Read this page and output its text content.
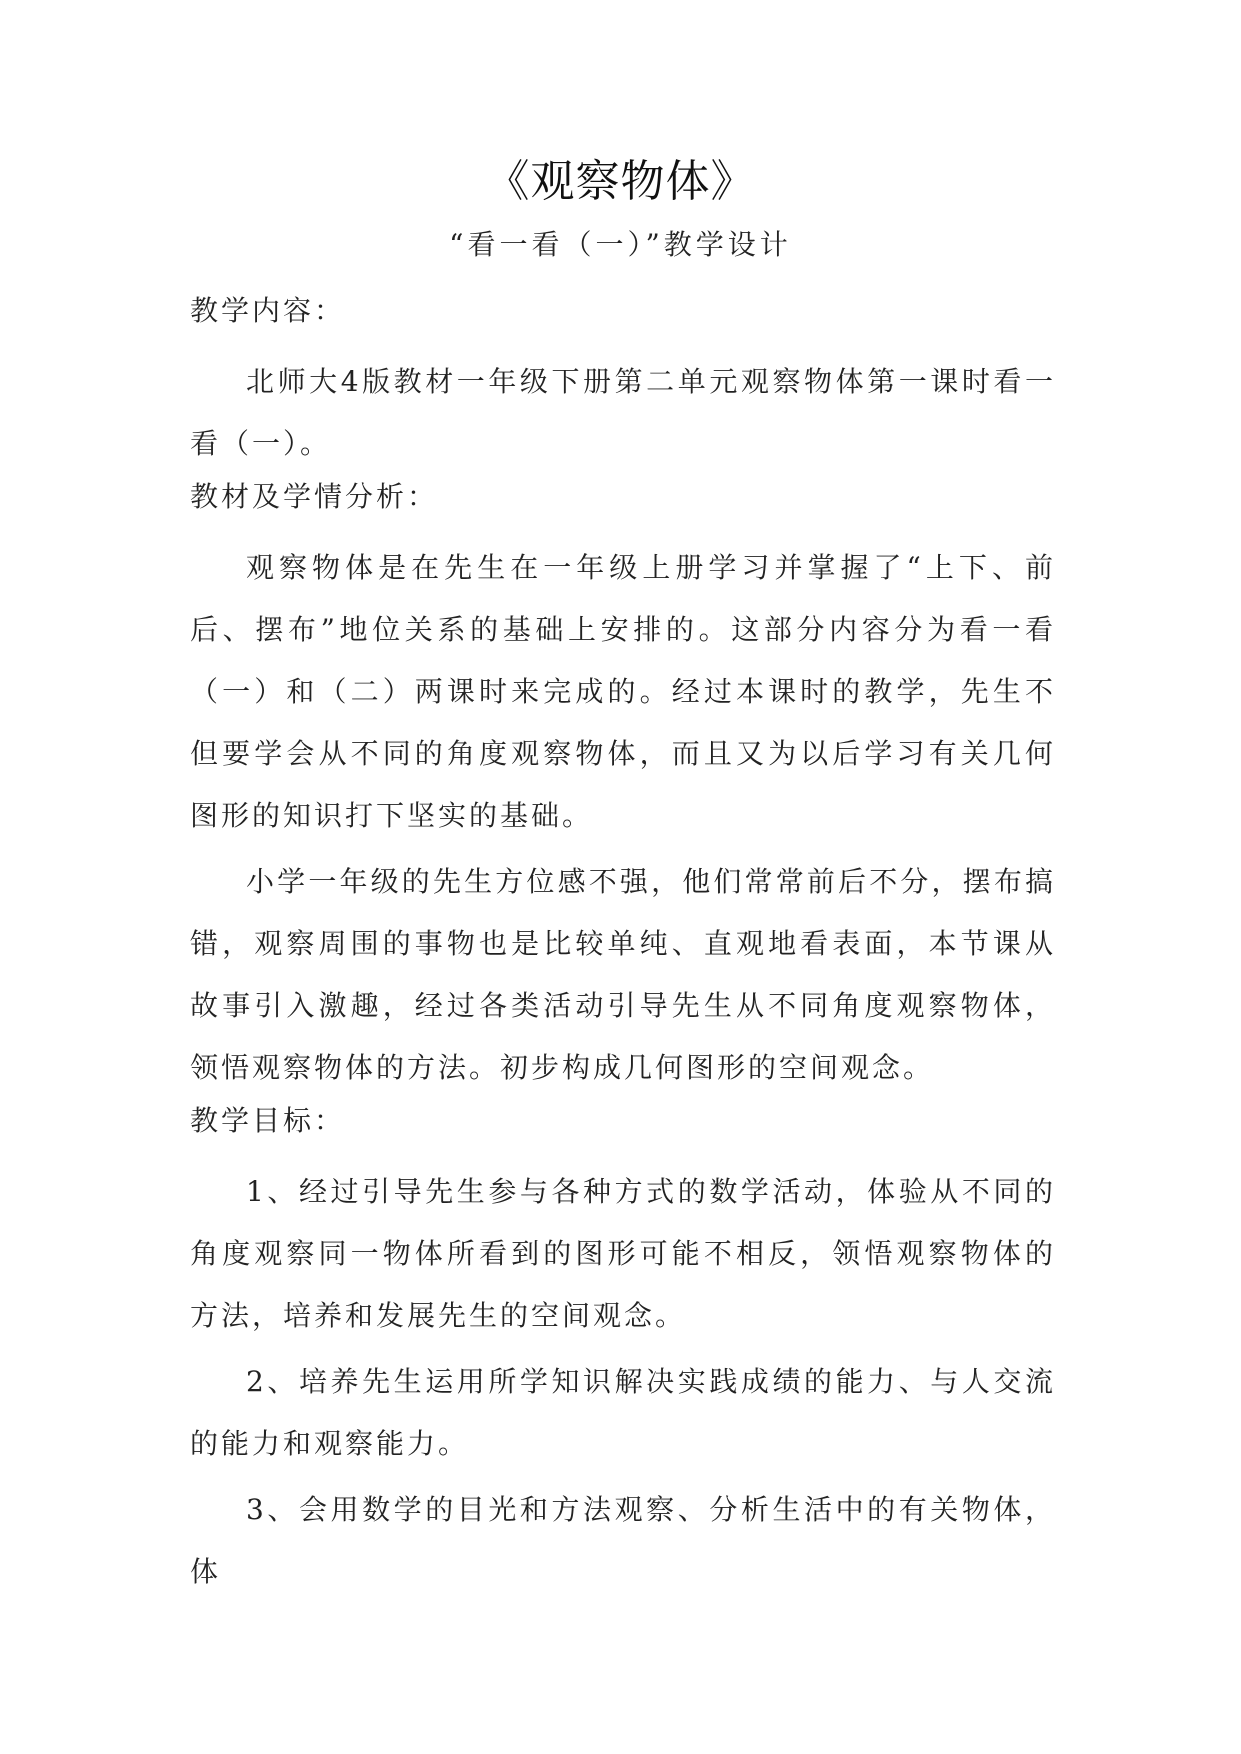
《观察物体》
“看一看（一）”教学设计
教学内容：
北师大4版教材一年级下册第二单元观察物体第一课时看一看（一）。
教材及学情分析：
观察物体是在先生在一年级上册学习并掌握了“上下、前后、摆布”地位关系的基础上安排的。这部分内容分为看一看（一）和（二）两课时来完成的。经过本课时的教学，先生不但要学会从不同的角度观察物体，而且又为以后学习有关几何图形的知识打下坚实的基础。
小学一年级的先生方位感不强，他们常常前后不分，摆布搞错，观察周围的事物也是比较单纯、直观地看表面，本节课从故事引入激趣，经过各类活动引导先生从不同角度观察物体，领悟观察物体的方法。初步构成几何图形的空间观念。
教学目标：
1、经过引导先生参与各种方式的数学活动，体验从不同的角度观察同一物体所看到的图形可能不相反，领悟观察物体的方法，培养和发展先生的空间观念。
2、培养先生运用所学知识解决实践成绩的能力、与人交流的能力和观察能力。
3、会用数学的目光和方法观察、分析生活中的有关物体，体
